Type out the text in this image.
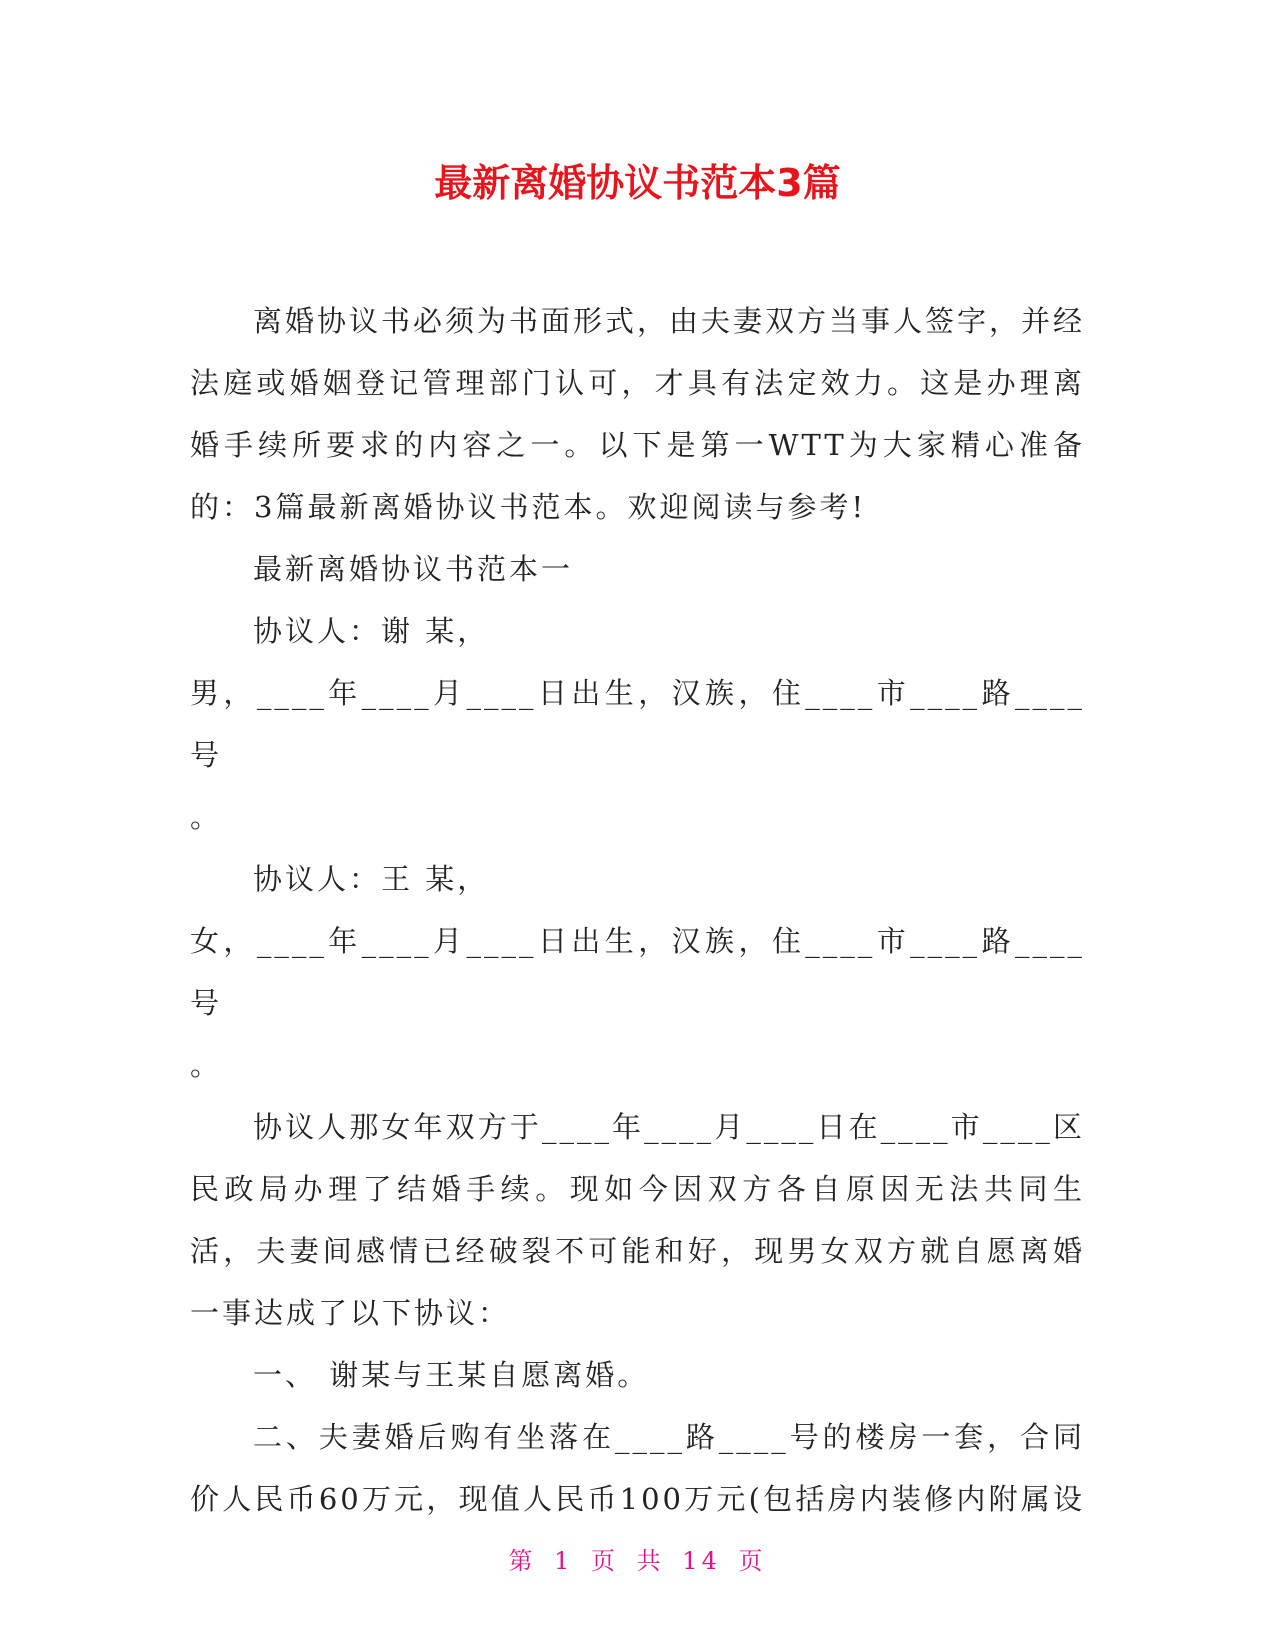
最新离婚协议书范本3篇

离婚协议书必须为书面形式，由夫妻双方当事人签字，并经法庭或婚姻登记管理部门认可，才具有法定效力。这是办理离婚手续所要求的内容之一。以下是第一WTT为大家精心准备的：3篇最新离婚协议书范本。欢迎阅读与参考!

最新离婚协议书范本一

协议人：谢 某，

男，____年____月____日出生，汉族，住____市____路____号

。

协议人：王 某，

女，____年____月____日出生，汉族，住____市____路____号

。

协议人那女年双方于____年____月____日在____市____区民政局办理了结婚手续。现如今因双方各自原因无法共同生活，夫妻间感情已经破裂不可能和好，现男女双方就自愿离婚一事达成了以下协议：

一、 谢某与王某自愿离婚。

二、夫妻婚后购有坐落在____路____号的楼房一套，合同价人民币60万元，现值人民币100万元(包括房内装修内附属设

第 1 页 共 14 页
